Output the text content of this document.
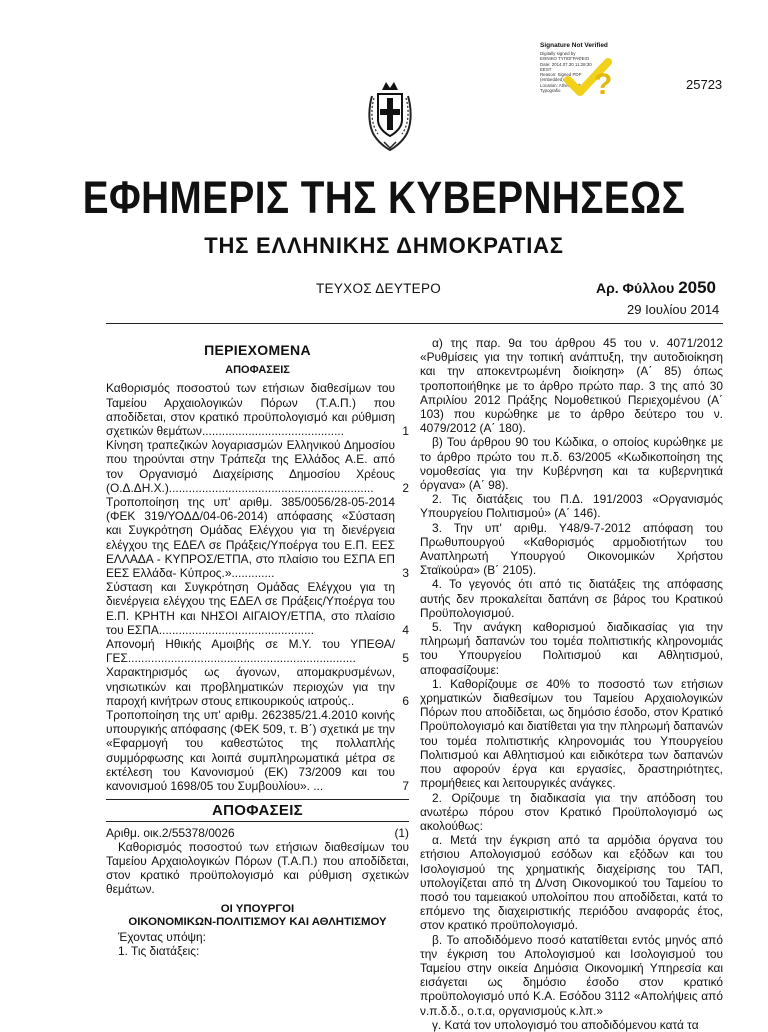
?
Signature Not Verified
Digitally signed by
ΕΘΝΙΚΟ ΤΥΠΟΓΡΑΦΕΙΟ
Date: 2014.07.30 11:28:30
EEST
Reason: Signed PDF
(embedded)
Location: Athens, Ethniko
Typografio	25723
ΕΦΗΜΕΡΙΣ ΤΗΣ ΚΥΒΕΡΝΗΣΕΩΣ
ΤΗΣ ΕΛΛΗΝΙΚΗΣ ΔΗΜΟΚΡΑΤΙΑΣ
ΤΕΥΧΟΣ ΔΕΥΤΕΡΟ	Αρ. Φύλλου 2050
29 Ιουλίου 2014
ΠΕΡΙΕΧΟΜΕΝΑ
ΑΠΟΦΑΣΕΙΣ
Καθορισμός ποσοστού των ετήσιων διαθεσίμων του Ταμείου Αρχαιολογικών Πόρων (Τ.Α.Π.) που αποδίδεται, στον κρατικό προϋπολογισμό και ρύθμιση σχετικών θεμάτων...........................................	1
Κίνηση τραπεζικών λογαριασμών Ελληνικού Δημοσίου που τηρούνται στην Τράπεζα της Ελλάδος Α.Ε. από τον Οργανισμό Διαχείρισης Δημοσίου Χρέους (Ο.Δ.ΔΗ.Χ.).............................................................. 2
Τροποποίηση της υπ' αριθμ. 385/0056/28-05-2014 (ΦΕΚ 319/ΥΟΔΔ/04-06-2014) απόφασης «Σύσταση και Συγκρότηση Ομάδας Ελέγχου για τη διενέργεια ελέγχου της ΕΔΕΛ σε Πράξεις/Υποέργα του Ε.Π. ΕΕΣ ΕΛΛΑΔΑ - ΚΥΠΡΟΣ/ΕΤΠΑ, στο πλαίσιο του ΕΣΠΑ ΕΠ ΕΕΣ Ελλάδα- Κύπρος.».............	3
Σύσταση και Συγκρότηση Ομάδας Ελέγχου για τη διενέργεια ελέγχου της ΕΔΕΛ σε Πράξεις/Υποέργα του Ε.Π. ΚΡΗΤΗ και ΝΗΣΟΙ ΑΙΓΑΙΟΥ/ΕΤΠΑ, στο πλαίσιο του ΕΣΠΑ...............................................	4
Απονομή Ηθικής Αμοιβής σε Μ.Υ. του ΥΠΕΘΑ/ΓΕΣ.....................................................................	5
Χαρακτηρισμός ως άγονων, απομακρυσμένων, νησιωτικών και προβληματικών περιοχών για την παροχή κινήτρων στους επικουρικούς ιατρούς..	6
Τροποποίηση της υπ' αριθμ. 262385/21.4.2010 κοινής υπουργικής απόφασης (ΦΕΚ 509, τ. Β΄) σχετικά με την «Εφαρμογή του καθεστώτος της πολλαπλής συμμόρφωσης και λοιπά συμπληρωματικά μέτρα σε εκτέλεση του Κανονισμού (ΕΚ) 73/2009 και του κανονισμού 1698/05 του Συμβουλίου». ...	7
ΑΠΟΦΑΣΕΙΣ
Αριθμ. οικ.2/55378/0026	(1)
Καθορισμός ποσοστού των ετήσιων διαθεσίμων του Ταμείου Αρχαιολογικών Πόρων (Τ.Α.Π.) που αποδίδεται, στον κρατικό προϋπολογισμό και ρύθμιση σχετικών θεμάτων.
ΟΙ ΥΠΟΥΡΓΟΙ
ΟΙΚΟΝΟΜΙΚΩΝ-ΠΟΛΙΤΙΣΜΟΥ ΚΑΙ ΑΘΛΗΤΙΣΜΟΥ
Έχοντας υπόψη:
1. Τις διατάξεις:
α) της παρ. 9α του άρθρου 45 του ν. 4071/2012 «Ρυθμίσεις για την τοπική ανάπτυξη, την αυτοδιοίκηση και την αποκεντρωμένη διοίκηση» (Α΄ 85) όπως τροποποιήθηκε με το άρθρο πρώτο παρ. 3 της από 30 Απριλίου 2012 Πράξης Νομοθετικού Περιεχομένου (Α΄ 103) που κυρώθηκε με το άρθρο δεύτερο του ν. 4079/2012 (Α΄ 180).
β) Του άρθρου 90 του Κώδικα, ο οποίος κυρώθηκε με το άρθρο πρώτο του π.δ. 63/2005 «Κωδικοποίηση της νομοθεσίας για την Κυβέρνηση και τα κυβερνητικά όργανα» (Α΄ 98).
2. Τις διατάξεις του Π.Δ. 191/2003 «Οργανισμός Υπουργείου Πολιτισμού» (Α΄ 146).
3. Την υπ' αριθμ. Υ48/9-7-2012 απόφαση του Πρωθυπουργού «Καθορισμός αρμοδιοτήτων του Αναπληρωτή Υπουργού Οικονομικών Χρήστου Σταϊκούρα» (Β΄ 2105).
4. Το γεγονός ότι από τις διατάξεις της απόφασης αυτής δεν προκαλείται δαπάνη σε βάρος του Κρατικού Προϋπολογισμού.
5. Την ανάγκη καθορισμού διαδικασίας για την πληρωμή δαπανών του τομέα πολιτιστικής κληρονομιάς του Υπουργείου Πολιτισμού και Αθλητισμού, αποφασίζουμε:
1. Καθορίζουμε σε 40% το ποσοστό των ετήσιων χρηματικών διαθεσίμων του Ταμείου Αρχαιολογικών Πόρων που αποδίδεται, ως δημόσιο έσοδο, στον Κρατικό Προϋπολογισμό και διατίθεται για την πληρωμή δαπανών του τομέα πολιτιστικής κληρονομιάς του Υπουργείου Πολιτισμού και Αθλητισμού και ειδικότερα των δαπανών που αφορούν έργα και εργασίες, δραστηριότητες, προμήθειες και λειτουργικές ανάγκες.
2. Ορίζουμε τη διαδικασία για την απόδοση του ανωτέρω πόρου στον Κρατικό Προϋπολογισμό ως ακολούθως:
α. Μετά την έγκριση από τα αρμόδια όργανα του ετήσιου Απολογισμού εσόδων και εξόδων και του Ισολογισμού της χρηματικής διαχείρισης του ΤΑΠ, υπολογίζεται από τη Δ/νση Οικονομικού του Ταμείου το ποσό του ταμειακού υπολοίπου που αποδίδεται, κατά το επόμενο της διαχειριστικής περιόδου αναφοράς έτος, στον κρατικό προϋπολογισμό.
β. Το αποδιδόμενο ποσό κατατίθεται εντός μηνός από την έγκριση του Απολογισμού και Ισολογισμού του Ταμείου στην οικεία Δημόσια Οικονομική Υπηρεσία και εισάγεται ως δημόσιο έσοδο στον κρατικό προϋπολογισμό υπό Κ.Α. Εσόδου 3112 «Απολήψεις από ν.π.δ.δ., ο.τ.α, οργανισμούς κ.λπ.»
γ. Κατά τον υπολογισμό του αποδιδόμενου κατά τα
